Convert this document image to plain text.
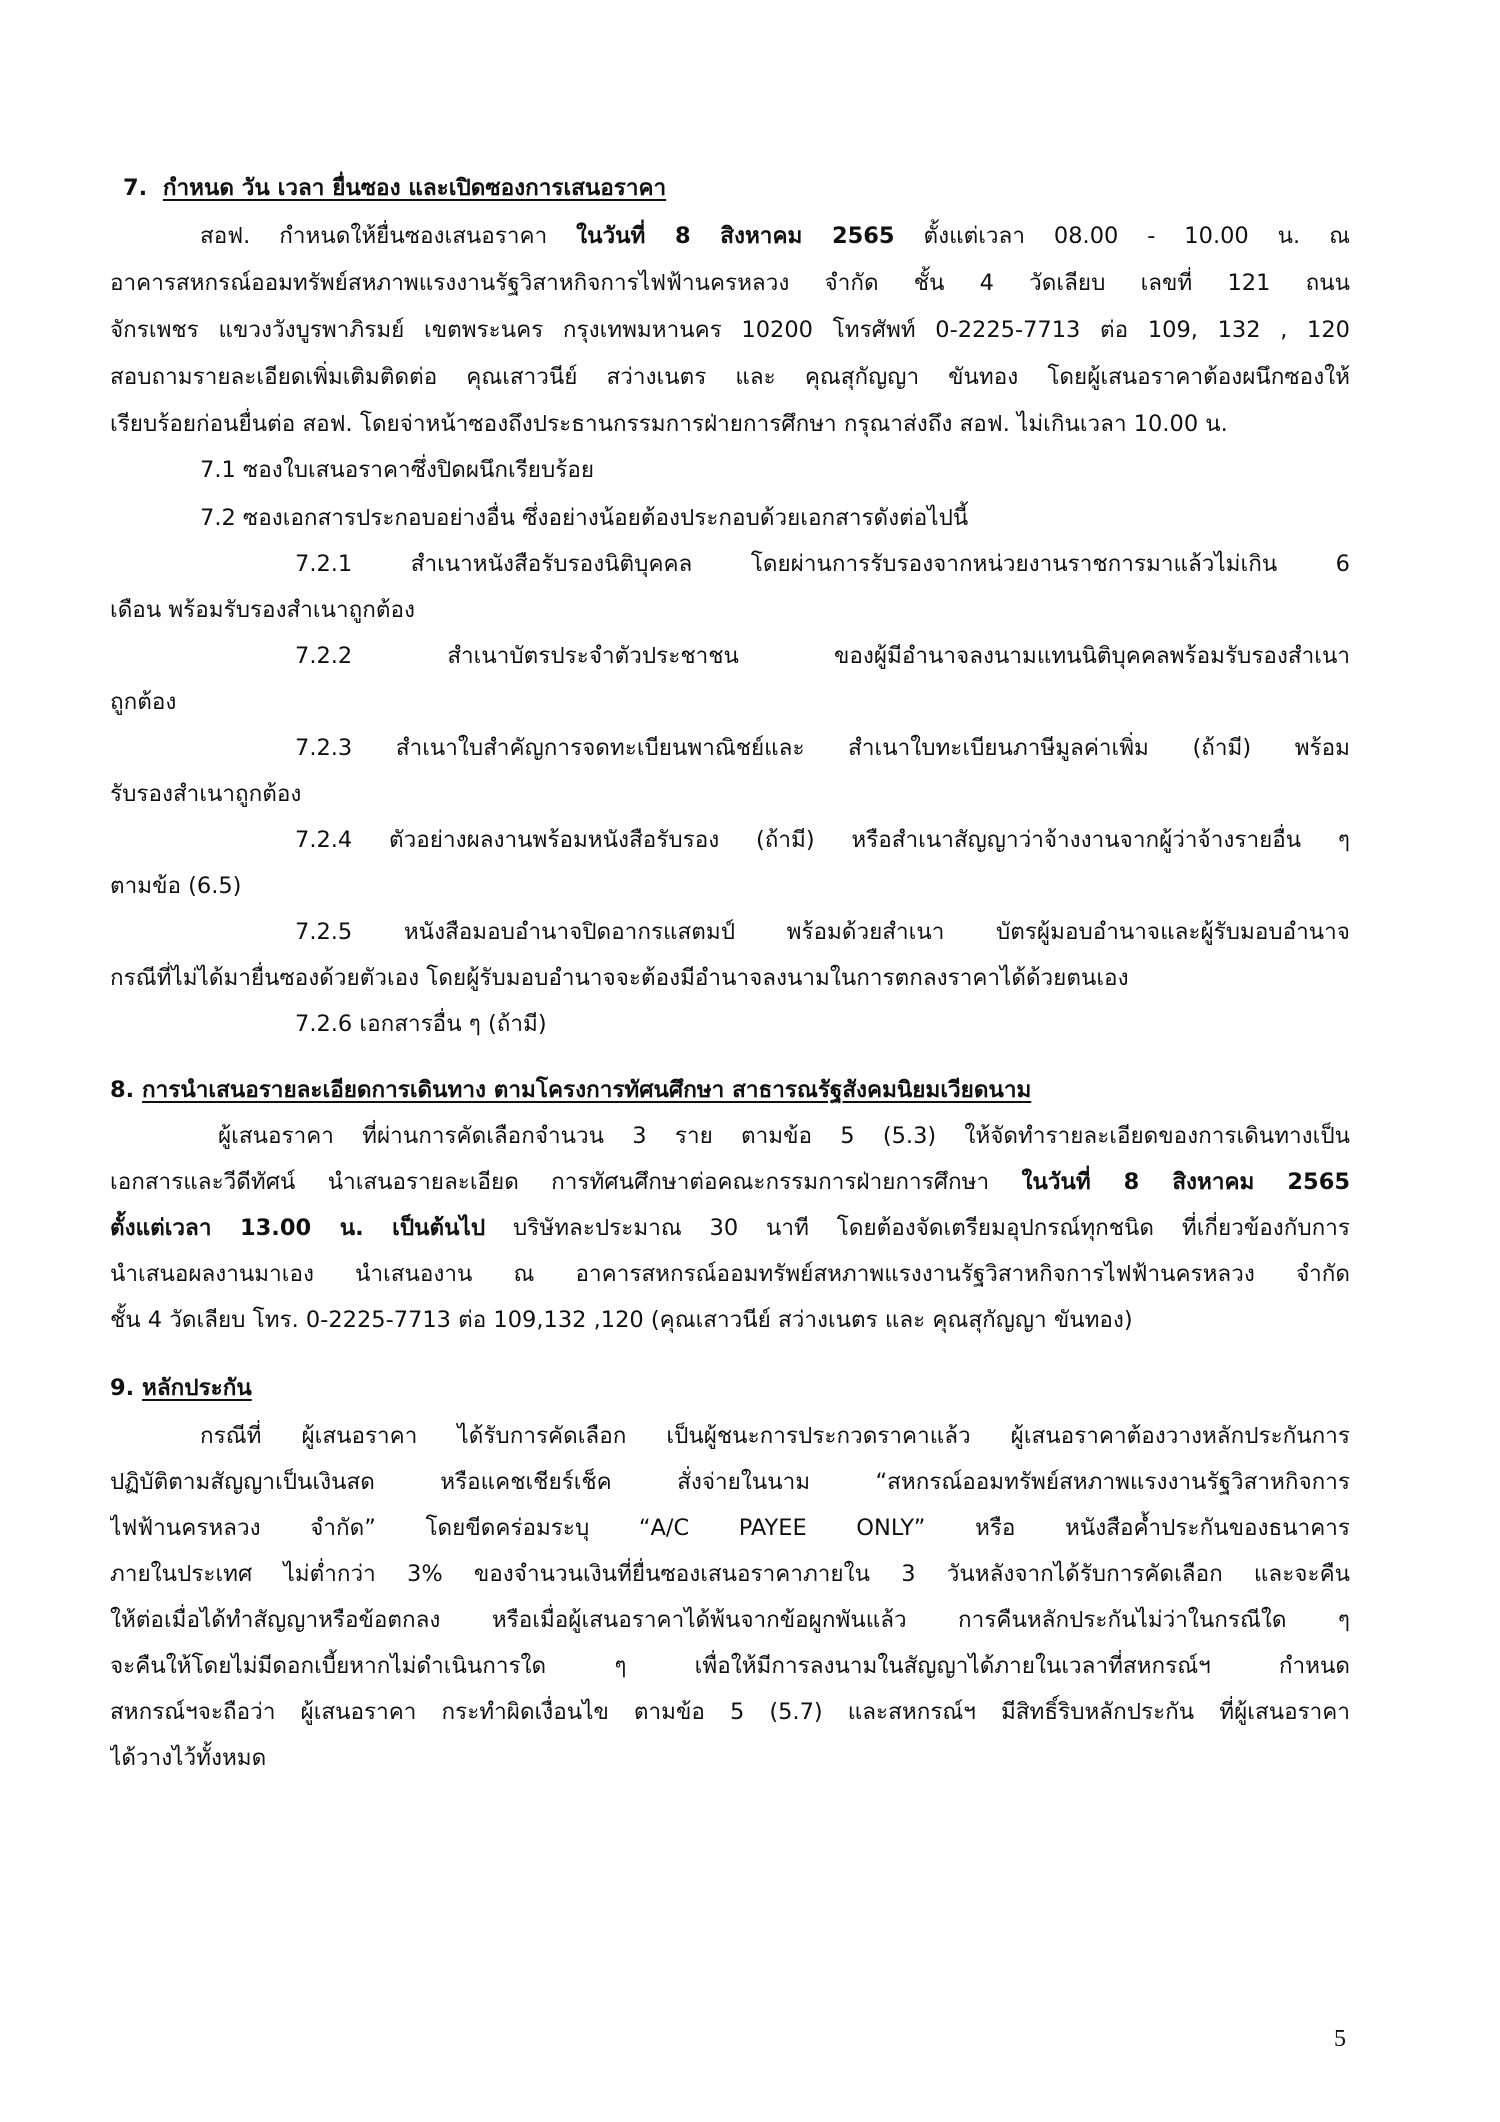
7. กำหนด วัน เวลา ยื่นซอง และเปิดซองการเสนอราคา
สอฟ. กำหนดให้ยื่นซองเสนอราคา ในวันที่ 8 สิงหาคม 2565 ตั้งแต่เวลา 08.00 - 10.00 น. ณ
อาคารสหกรณ์ออมทรัพย์สหภาพแรงงานรัฐวิสาหกิจการไฟฟ้านครหลวง จำกัด ชั้น 4 วัดเลียบ เลขที่ 121 ถนน
จักรเพชร แขวงวังบูรพาภิรมย์ เขตพระนคร กรุงเทพมหานคร 10200 โทรศัพท์ 0-2225-7713 ต่อ 109, 132 , 120
สอบถามรายละเอียดเพิ่มเติมติดต่อ คุณเสาวนีย์ สว่างเนตร และ คุณสุกัญญา ขันทอง โดยผู้เสนอราคาต้องผนึกซองให้
เรียบร้อยก่อนยื่นต่อ สอฟ. โดยจ่าหน้าซองถึงประธานกรรมการฝ่ายการศึกษา กรุณาส่งถึง สอฟ. ไม่เกินเวลา 10.00 น.
7.1 ซองใบเสนอราคาซึ่งปิดผนึกเรียบร้อย
7.2 ซองเอกสารประกอบอย่างอื่น ซึ่งอย่างน้อยต้องประกอบด้วยเอกสารดังต่อไปนี้
7.2.1 สำเนาหนังสือรับรองนิติบุคคล โดยผ่านการรับรองจากหน่วยงานราชการมาแล้วไม่เกิน 6
เดือน พร้อมรับรองสำเนาถูกต้อง
7.2.2 สำเนาบัตรประจำตัวประชาชน ของผู้มีอำนาจลงนามแทนนิติบุคคลพร้อมรับรองสำเนา
ถูกต้อง
7.2.3 สำเนาใบสำคัญการจดทะเบียนพาณิชย์และ สำเนาใบทะเบียนภาษีมูลค่าเพิ่ม (ถ้ามี) พร้อม
รับรองสำเนาถูกต้อง
7.2.4 ตัวอย่างผลงานพร้อมหนังสือรับรอง (ถ้ามี) หรือสำเนาสัญญาว่าจ้างงานจากผู้ว่าจ้างรายอื่น ๆ
ตามข้อ (6.5)
7.2.5 หนังสือมอบอำนาจปิดอากรแสตมป์ พร้อมด้วยสำเนา บัตรผู้มอบอำนาจและผู้รับมอบอำนาจ
กรณีที่ไม่ได้มายื่นซองด้วยตัวเอง โดยผู้รับมอบอำนาจจะต้องมีอำนาจลงนามในการตกลงราคาได้ด้วยตนเอง
7.2.6 เอกสารอื่น ๆ (ถ้ามี)
8. การนำเสนอรายละเอียดการเดินทาง ตามโครงการทัศนศึกษา สาธารณรัฐสังคมนิยมเวียดนาม
ผู้เสนอราคา ที่ผ่านการคัดเลือกจำนวน 3 ราย ตามข้อ 5 (5.3) ให้จัดทำรายละเอียดของการเดินทางเป็น
เอกสารและวีดีทัศน์ นำเสนอรายละเอียด การทัศนศึกษาต่อคณะกรรมการฝ่ายการศึกษา ในวันที่ 8 สิงหาคม 2565
ตั้งแต่เวลา 13.00 น. เป็นต้นไป บริษัทละประมาณ 30 นาที โดยต้องจัดเตรียมอุปกรณ์ทุกชนิด ที่เกี่ยวข้องกับการ
นำเสนอผลงานมาเอง นำเสนองาน ณ อาคารสหกรณ์ออมทรัพย์สหภาพแรงงานรัฐวิสาหกิจการไฟฟ้านครหลวง จำกัด
ชั้น 4 วัดเลียบ โทร. 0-2225-7713 ต่อ 109,132 ,120 (คุณเสาวนีย์ สว่างเนตร และ คุณสุกัญญา ขันทอง)
9. หลักประกัน
กรณีที่ ผู้เสนอราคา ได้รับการคัดเลือก เป็นผู้ชนะการประกวดราคาแล้ว ผู้เสนอราคาต้องวางหลักประกันการ
ปฏิบัติตามสัญญาเป็นเงินสด หรือแคชเชียร์เช็ค สั่งจ่ายในนาม “สหกรณ์ออมทรัพย์สหภาพแรงงานรัฐวิสาหกิจการ
ไฟฟ้านครหลวง จำกัด” โดยขีดคร่อมระบุ “A/C PAYEE ONLY” หรือ หนังสือค้ำประกันของธนาคาร
ภายในประเทศ ไม่ต่ำกว่า 3% ของจำนวนเงินที่ยื่นซองเสนอราคาภายใน 3 วันหลังจากได้รับการคัดเลือก และจะคืน
ให้ต่อเมื่อได้ทำสัญญาหรือข้อตกลง หรือเมื่อผู้เสนอราคาได้พ้นจากข้อผูกพันแล้ว การคืนหลักประกันไม่ว่าในกรณีใด ๆ
จะคืนให้โดยไม่มีดอกเบี้ยหากไม่ดำเนินการใด ๆ เพื่อให้มีการลงนามในสัญญาได้ภายในเวลาที่สหกรณ์ฯ กำหนด
สหกรณ์ฯจะถือว่า ผู้เสนอราคา กระทำผิดเงื่อนไข ตามข้อ 5 (5.7) และสหกรณ์ฯ มีสิทธิ์ริบหลักประกัน ที่ผู้เสนอราคา
ได้วางไว้ทั้งหมด
5
